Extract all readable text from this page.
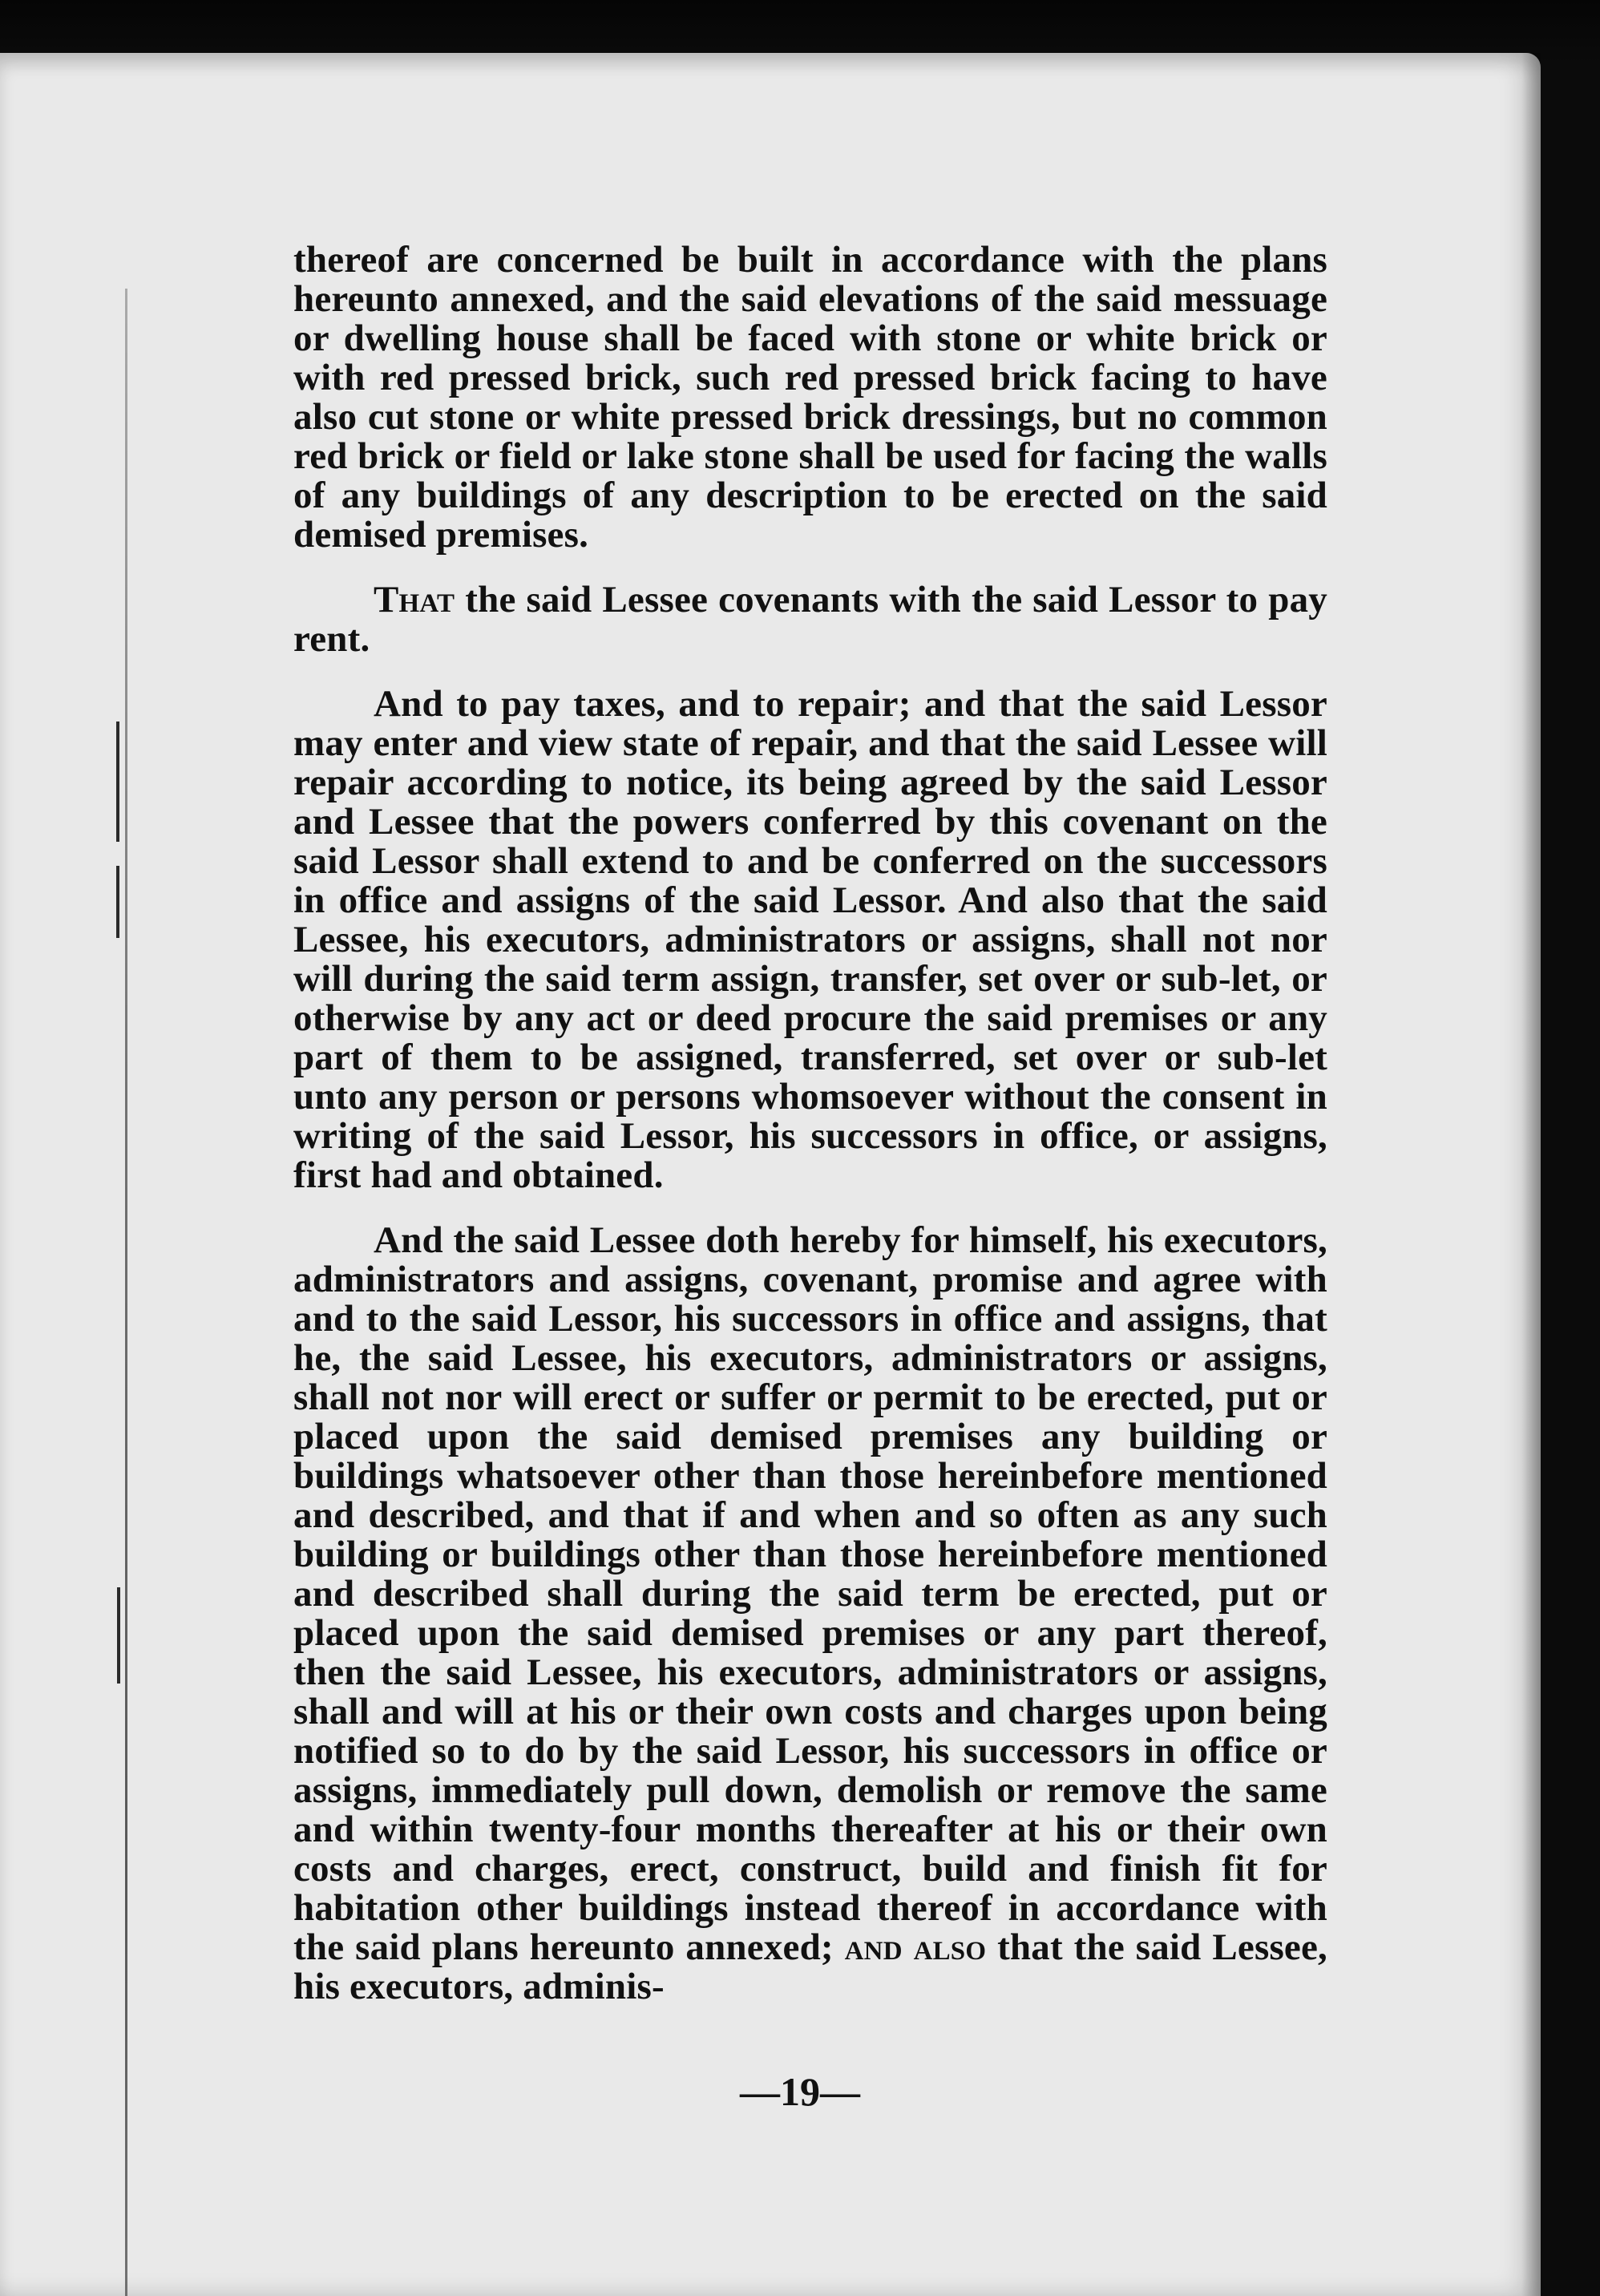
thereof are concerned be built in accordance with the plans hereunto annexed, and the said elevations of the said messuage or dwelling house shall be faced with stone or white brick or with red pressed brick, such red pressed brick facing to have also cut stone or white pressed brick dressings, but no common red brick or field or lake stone shall be used for facing the walls of any buildings of any description to be erected on the said demised premises.

That the said Lessee covenants with the said Lessor to pay rent.

And to pay taxes, and to repair; and that the said Lessor may enter and view state of repair, and that the said Lessee will repair according to notice, its being agreed by the said Lessor and Lessee that the powers conferred by this covenant on the said Lessor shall extend to and be conferred on the successors in office and assigns of the said Lessor. And also that the said Lessee, his executors, administrators or assigns, shall not nor will during the said term assign, transfer, set over or sub-let, or otherwise by any act or deed procure the said premises or any part of them to be assigned, transferred, set over or sub-let unto any person or persons whomsoever without the consent in writing of the said Lessor, his successors in office, or assigns, first had and obtained.

And the said Lessee doth hereby for himself, his executors, administrators and assigns, covenant, promise and agree with and to the said Lessor, his successors in office and assigns, that he, the said Lessee, his executors, administrators or assigns, shall not nor will erect or suffer or permit to be erected, put or placed upon the said demised premises any building or buildings whatsoever other than those hereinbefore mentioned and described, and that if and when and so often as any such building or buildings other than those hereinbefore mentioned and described shall during the said term be erected, put or placed upon the said demised premises or any part thereof, then the said Lessee, his executors, administrators or assigns, shall and will at his or their own costs and charges upon being notified so to do by the said Lessor, his successors in office or assigns, immediately pull down, demolish or remove the same and within twenty-four months thereafter at his or their own costs and charges, erect, construct, build and finish fit for habitation other buildings instead thereof in accordance with the said plans hereunto annexed; and also that the said Lessee, his executors, adminis-

—19—
